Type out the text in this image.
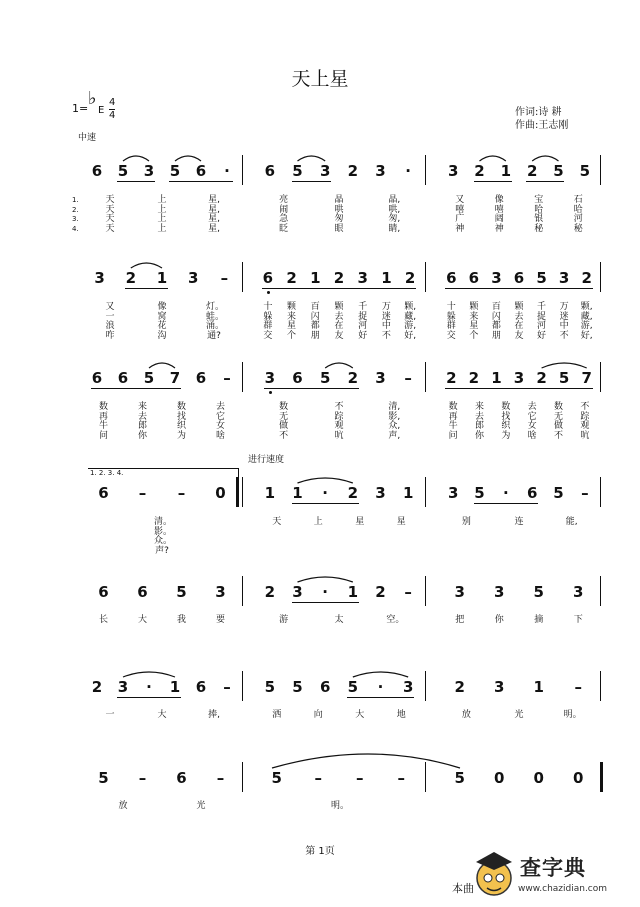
天上星
1= ♭
E
4
4
中速
作词:诗 耕
作曲:王志刚
进行速度
1. 2. 3. 4.
6 5 3 5 6 ·
天	上	星,
天	上	星,
天	上	星,
天	上	星,
6 5 3 2 3 ·
亮	晶	晶,
闹	哄	哄,
急	匆	匆,
眨	眼	睛,
3 2 1 2 5 5
又	像	宝	石
嘻	嘻	哈	哈
广	阔	银	河
神	神	秘	秘
3 2 1 3 –
又	像	灯。
一	窝	蛙。
浪	花	涌。
咋	沟	通?
6 2 1 2 3 1 2
十	颗	百	颗	千	万	颗,
躲	来	闪	去	捉	迷	藏,
群	星	都	在	河	中	游,
交	个	朋	友	好	不	好,
6 6 3 6 5 3 2
十	颗	百	颗	千	万	颗,
躲	来	闪	去	捉	迷	藏,
群	星	都	在	河	中	游,
交	个	朋	友	好	不	好,
6 6 5 7 6 –
数	来	数	去
再	去	找	它
牛	郎	织	女
问	你	为	啥
3 6 5 2 3 –
数	不	清,
无	踪	影,
做	观	众,
不	吭	声,
2 2 1 3 2 5 7
数	来	数	去	数	不
再	去	找	它	无	踪
牛	郎	织	女	做	观
问	你	为	啥	不	吭
6 – – 0
清。
影。
众。
声?
1 1 · 2 3 1
天	上	星	星
3 5 · 6 5 –
别	连	能,
6 6 5 3
长	大	我	要
2 3 · 1 2 –
游	太	空。
3 3 5 3
把	你	摘	下
2 3 · 1 6 –
一	大	捧,
5 5 6 5 · 3
洒	向	大	地
2 3 1 –
放	光	明。
5 – 6 –
放	光
5 – – –
明。
5 0 0 0
1.
2.
3.
4.
第 1页
本曲
查字典
www.chazidian.com
